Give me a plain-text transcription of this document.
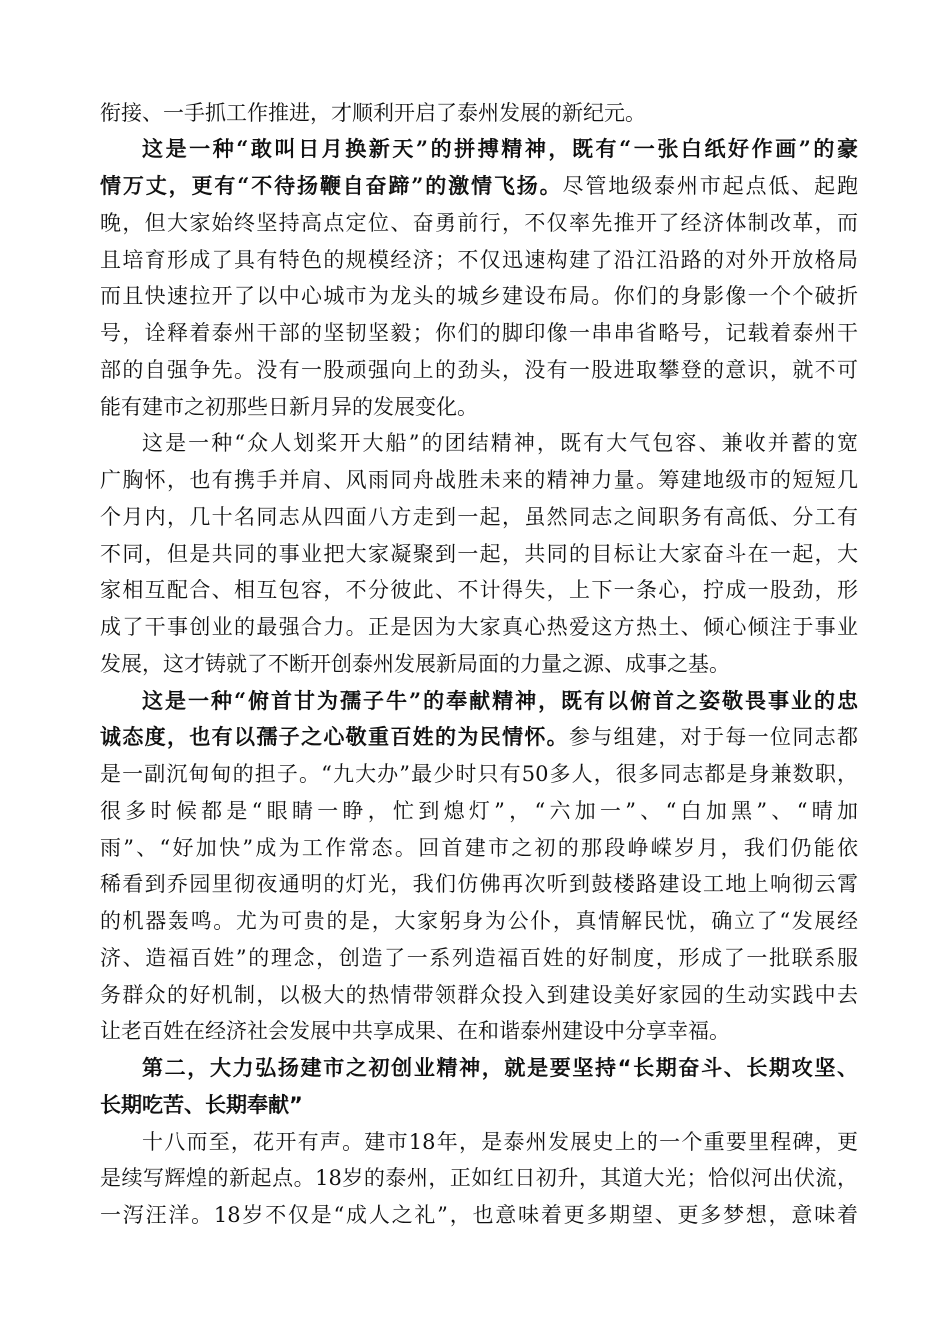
衔接、一手抓工作推进，才顺利开启了泰州发展的新纪元。
这是一种“敢叫日月换新天”的拼搏精神，既有“一张白纸好作画”的豪
情万丈，更有“不待扬鞭自奋蹄”的激情飞扬。尽管地级泰州市起点低、起跑
晚，但大家始终坚持高点定位、奋勇前行，不仅率先推开了经济体制改革，而
且培育形成了具有特色的规模经济；不仅迅速构建了沿江沿路的对外开放格局
而且快速拉开了以中心城市为龙头的城乡建设布局。你们的身影像一个个破折
号，诠释着泰州干部的坚韧坚毅；你们的脚印像一串串省略号，记载着泰州干
部的自强争先。没有一股顽强向上的劲头，没有一股进取攀登的意识，就不可
能有建市之初那些日新月异的发展变化。
这是一种“众人划桨开大船”的团结精神，既有大气包容、兼收并蓄的宽
广胸怀，也有携手并肩、风雨同舟战胜未来的精神力量。筹建地级市的短短几
个月内，几十名同志从四面八方走到一起，虽然同志之间职务有高低、分工有
不同，但是共同的事业把大家凝聚到一起，共同的目标让大家奋斗在一起，大
家相互配合、相互包容，不分彼此、不计得失，上下一条心，拧成一股劲，形
成了干事创业的最强合力。正是因为大家真心热爱这方热土、倾心倾注于事业
发展，这才铸就了不断开创泰州发展新局面的力量之源、成事之基。
这是一种“俯首甘为孺子牛”的奉献精神，既有以俯首之姿敬畏事业的忠
诚态度，也有以孺子之心敬重百姓的为民情怀。参与组建，对于每一位同志都
是一副沉甸甸的担子。“九大办”最少时只有50多人，很多同志都是身兼数职，
很多时候都是“眼睛一睁，忙到熄灯”，“六加一”、“白加黑”、“晴加
雨”、“好加快”成为工作常态。回首建市之初的那段峥嵘岁月，我们仍能依
稀看到乔园里彻夜通明的灯光，我们仿佛再次听到鼓楼路建设工地上响彻云霄
的机器轰鸣。尤为可贵的是，大家躬身为公仆，真情解民忧，确立了“发展经
济、造福百姓”的理念，创造了一系列造福百姓的好制度，形成了一批联系服
务群众的好机制，以极大的热情带领群众投入到建设美好家园的生动实践中去
让老百姓在经济社会发展中共享成果、在和谐泰州建设中分享幸福。
第二，大力弘扬建市之初创业精神，就是要坚持“长期奋斗、长期攻坚、
长期吃苦、长期奉献”
十八而至，花开有声。建市18年，是泰州发展史上的一个重要里程碑，更
是续写辉煌的新起点。18岁的泰州，正如红日初升，其道大光；恰似河出伏流，
一泻汪洋。18岁不仅是“成人之礼”，也意味着更多期望、更多梦想，意味着
